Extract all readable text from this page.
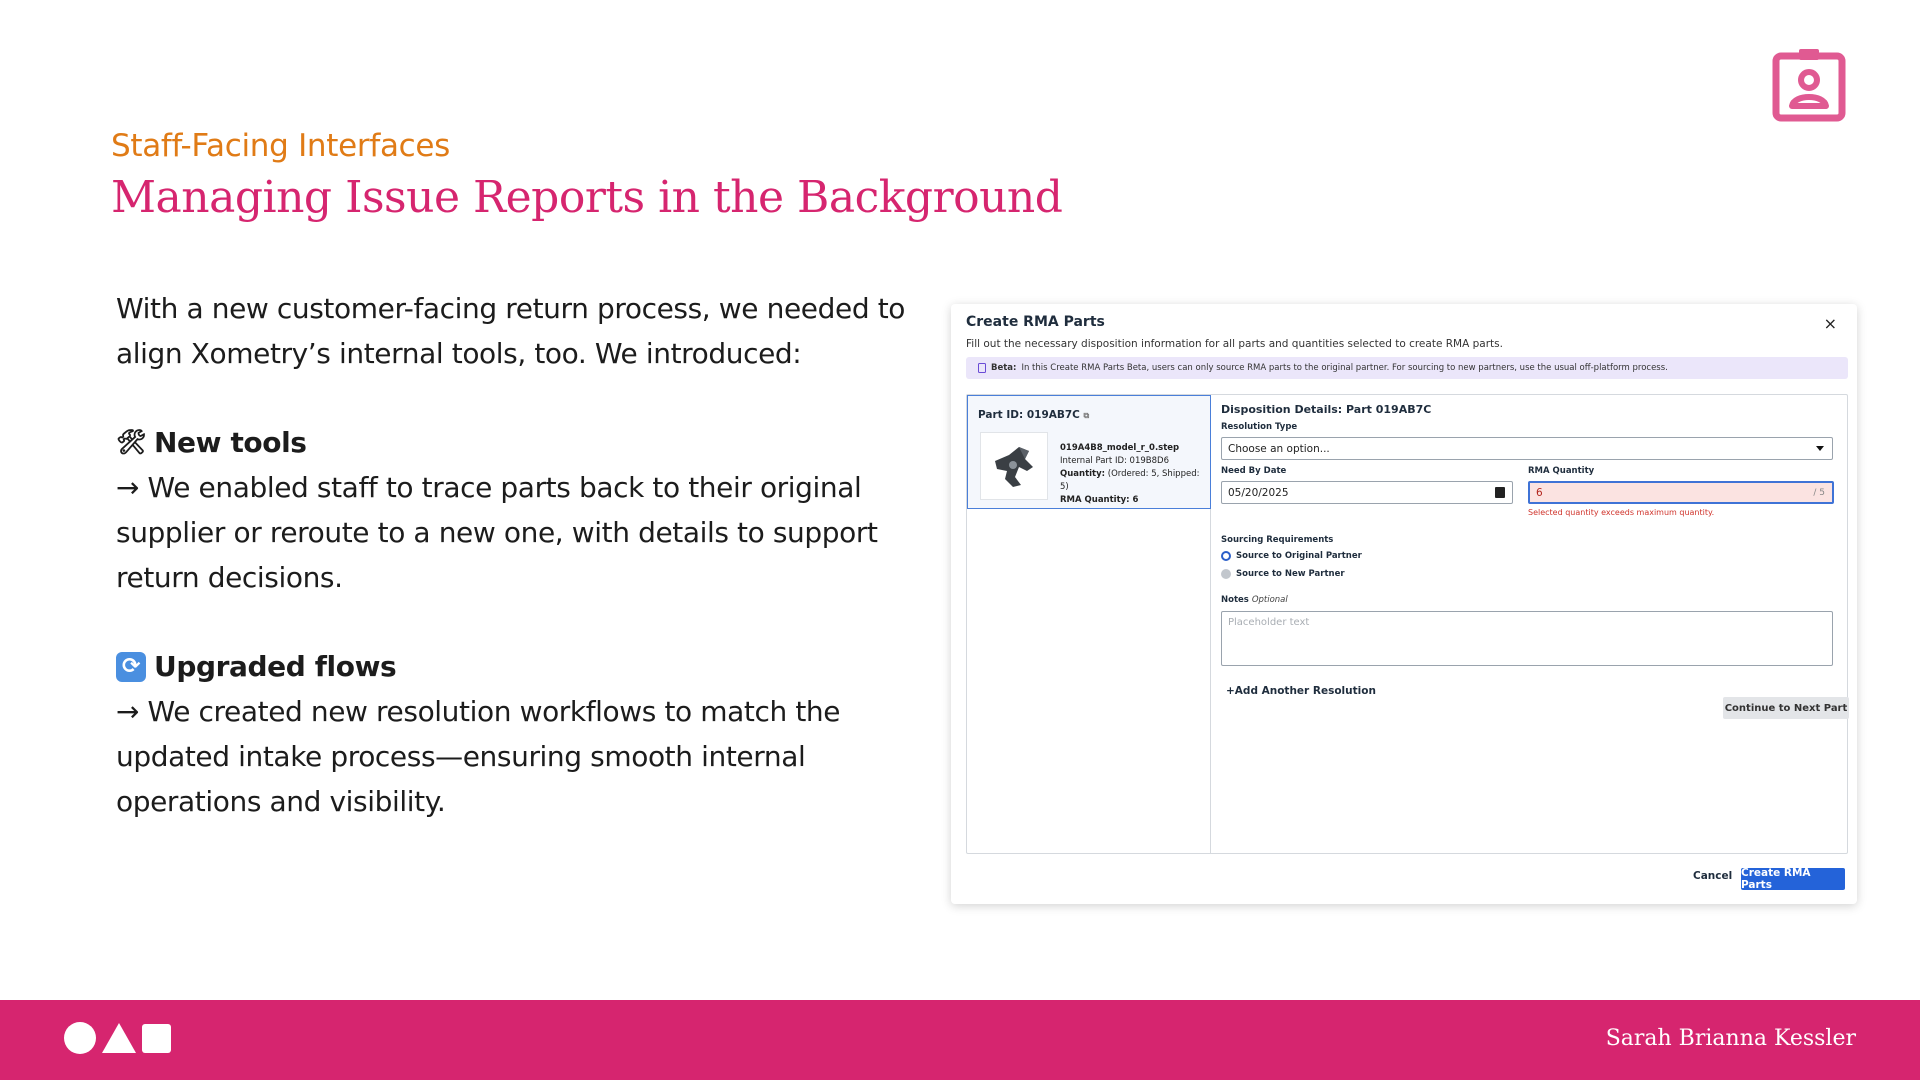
Staff-Facing Interfaces
Managing Issue Reports in the Background

With a new customer-facing return process, we needed to align Xometry’s internal tools, too. We introduced:

🛠 New tools

→ We enabled staff to trace parts back to their original supplier or reroute to a new one, with details to support return decisions.

⟳ Upgraded flows

→ We created new resolution workflows to match the updated intake process—ensuring smooth internal operations and visibility.

Create RMA Parts	×
Fill out the necessary disposition information for all parts and quantities selected to create RMA parts.
Beta: In this Create RMA Parts Beta, users can only source RMA parts to the original partner. For sourcing to new partners, use the usual off-platform process.
Part ID: 019AB7C ⧉
019A4B8_model_r_0.step
Internal Part ID: 019B8D6
Quantity: (Ordered: 5, Shipped: 5)
RMA Quantity: 6
Disposition Details: Part 019AB7C
Resolution Type
Choose an option...
Need By Date
05/20/2025
RMA Quantity
6	/ 5
Selected quantity exceeds maximum quantity.
Sourcing Requirements
Source to Original Partner
Source to New Partner
Notes Optional
Placeholder text
+Add Another Resolution
Continue to Next Part
Cancel Create RMA Parts
Sarah Brianna Kessler
